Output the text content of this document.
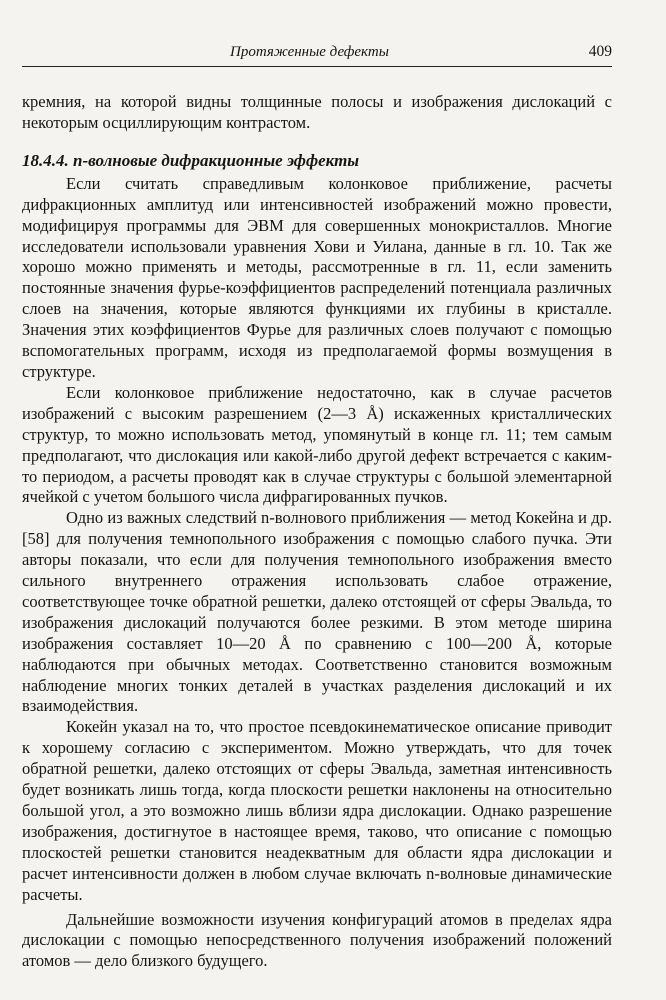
Протяженные дефекты	409

кремния, на которой видны толщинные полосы и изображения дислокаций с некоторым осциллирующим контрастом.

18.4.4. n-волновые дифракционные эффекты

Если считать справедливым колонковое приближение, расчеты дифракционных амплитуд или интенсивностей изображений можно провести, модифицируя программы для ЭВМ для совершенных монокристаллов. Многие исследователи использовали уравнения Хови и Уилана, данные в гл. 10. Так же хорошо можно применять и методы, рассмотренные в гл. 11, если заменить постоянные значения фурье-коэффициентов распределений потенциала различных слоев на значения, которые являются функциями их глубины в кристалле. Значения этих коэффициентов Фурье для различных слоев получают с помощью вспомогательных программ, исходя из предполагаемой формы возмущения в структуре.

Если колонковое приближение недостаточно, как в случае расчетов изображений с высоким разрешением (2—3 Å) искаженных кристаллических структур, то можно использовать метод, упомянутый в конце гл. 11; тем самым предполагают, что дислокация или какой-либо другой дефект встречается с каким-то периодом, а расчеты проводят как в случае структуры с большой элементарной ячейкой с учетом большого числа дифрагированных пучков.

Одно из важных следствий n-волнового приближения — метод Кокейна и др. [58] для получения темнопольного изображения с помощью слабого пучка. Эти авторы показали, что если для получения темнопольного изображения вместо сильного внутреннего отражения использовать слабое отражение, соответствующее точке обратной решетки, далеко отстоящей от сферы Эвальда, то изображения дислокаций получаются более резкими. В этом методе ширина изображения составляет 10—20 Å по сравнению с 100—200 Å, которые наблюдаются при обычных методах. Соответственно становится возможным наблюдение многих тонких деталей в участках разделения дислокаций и их взаимодействия.

Кокейн указал на то, что простое псевдокинематическое описание приводит к хорошему согласию с экспериментом. Можно утверждать, что для точек обратной решетки, далеко отстоящих от сферы Эвальда, заметная интенсивность будет возникать лишь тогда, когда плоскости решетки наклонены на относительно большой угол, а это возможно лишь вблизи ядра дислокации. Однако разрешение изображения, достигнутое в настоящее время, таково, что описание с помощью плоскостей решетки становится неадекватным для области ядра дислокации и расчет интенсивности должен в любом случае включать n-волновые динамические расчеты.

Дальнейшие возможности изучения конфигураций атомов в пределах ядра дислокации с помощью непосредственного получения изображений положений атомов — дело близкого будущего.
